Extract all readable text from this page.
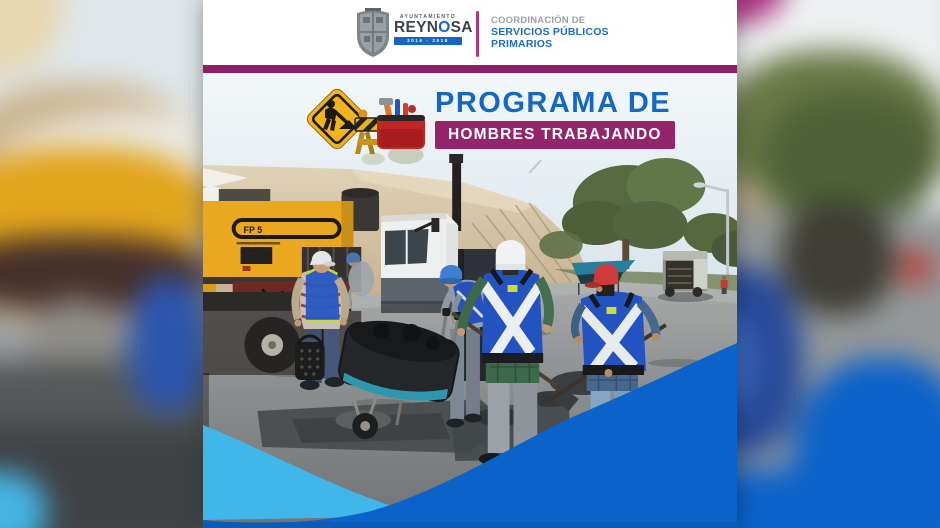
AYUNTAMIENTO
REYNOSA
2016 - 2018
COORDINACIÓN DE
SERVICIOS PÚBLICOS
PRIMARIOS
FP 5
PROGRAMA DE
HOMBRES TRABAJANDO
